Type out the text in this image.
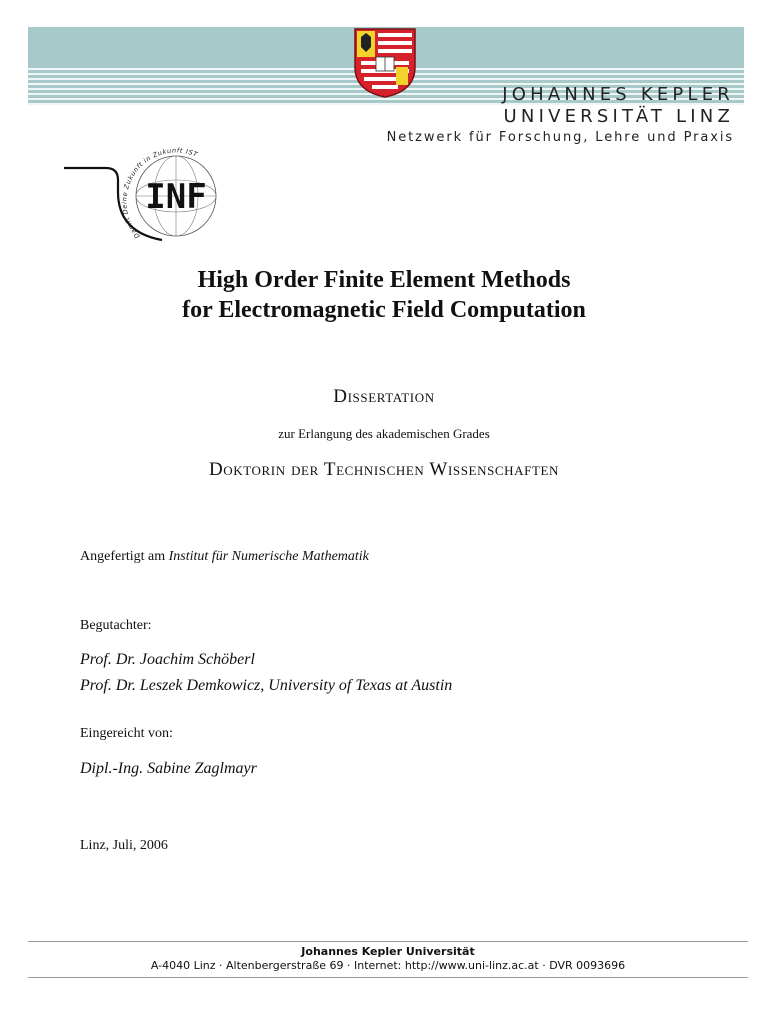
JOHANNES KEPLER
UNIVERSITÄT LINZ
Netzwerk für Forschung, Lehre und Praxis
INF
Damit Deine Zukunft in Zukunft IST
High Order Finite Element Methods
for Electromagnetic Field Computation
Dissertation
zur Erlangung des akademischen Grades
Doktorin der Technischen Wissenschaften
Angefertigt am Institut für Numerische Mathematik
Begutachter:
Prof. Dr. Joachim Schöberl
Prof. Dr. Leszek Demkowicz, University of Texas at Austin
Eingereicht von:
Dipl.-Ing. Sabine Zaglmayr
Linz, Juli, 2006
Johannes Kepler Universität
A-4040 Linz · Altenbergerstraße 69 · Internet: http://www.uni-linz.ac.at · DVR 0093696
